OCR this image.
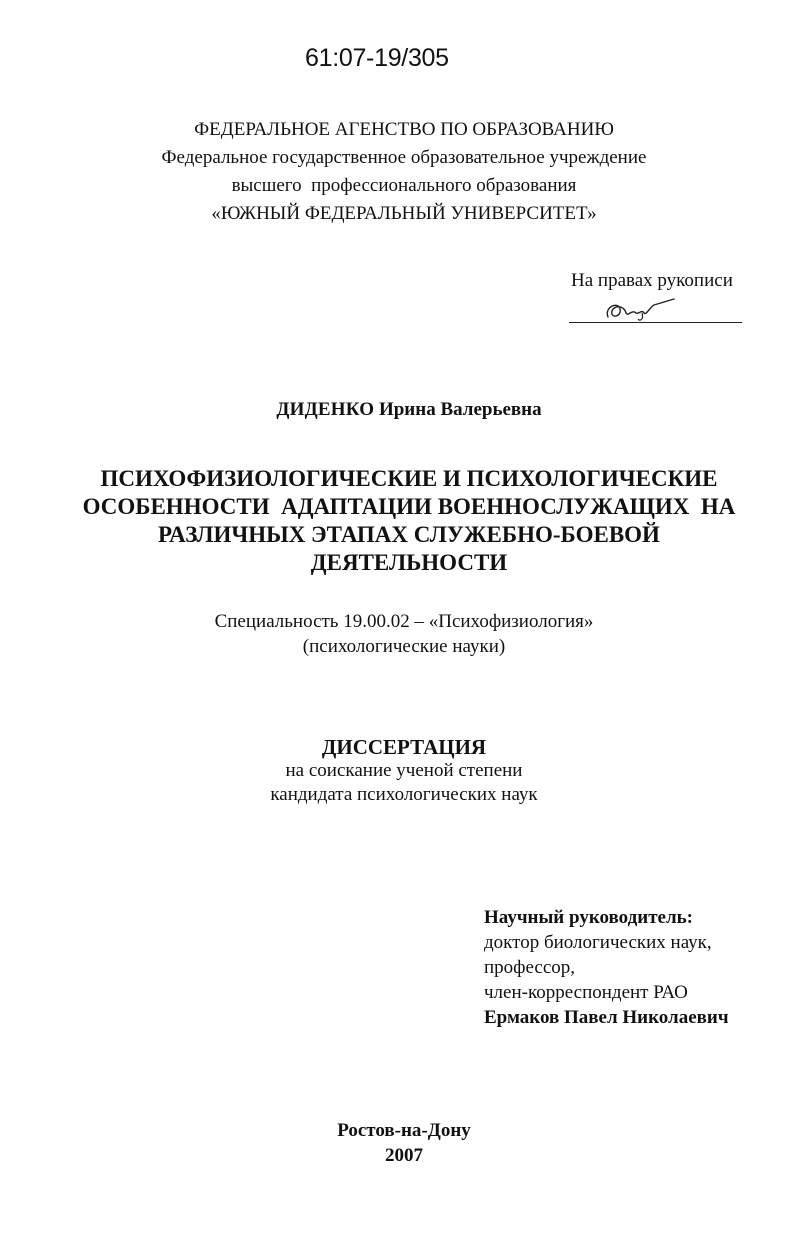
61:07-19/305
ФЕДЕРАЛЬНОЕ АГЕНСТВО ПО ОБРАЗОВАНИЮ
Федеральное государственное образовательное учреждение
высшего  профессионального образования
«ЮЖНЫЙ ФЕДЕРАЛЬНЫЙ УНИВЕРСИТЕТ»
На правах рукописи
ДИДЕНКО Ирина Валерьевна
ПСИХОФИЗИОЛОГИЧЕСКИЕ И ПСИХОЛОГИЧЕСКИЕ
ОСОБЕННОСТИ  АДАПТАЦИИ ВОЕННОСЛУЖАЩИХ  НА
РАЗЛИЧНЫХ ЭТАПАХ СЛУЖЕБНО-БОЕВОЙ
ДЕЯТЕЛЬНОСТИ
Специальность 19.00.02 – «Психофизиология»
(психологические науки)
ДИССЕРТАЦИЯ
на соискание ученой степени
кандидата психологических наук
Научный руководитель:
доктор биологических наук,
профессор,
член-корреспондент РАО
Ермаков Павел Николаевич
Ростов-на-Дону
2007
